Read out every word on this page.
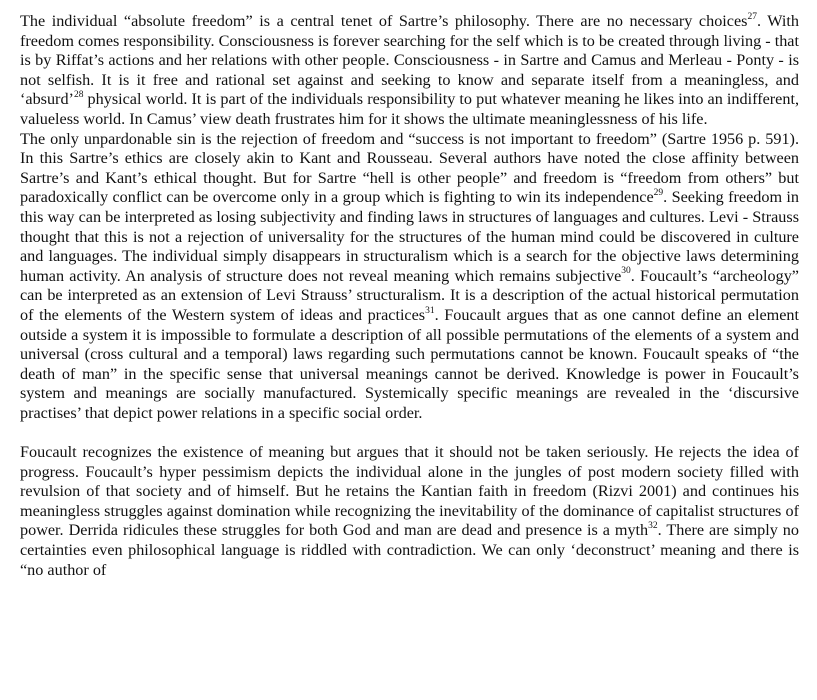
The individual “absolute freedom” is a central tenet of Sartre’s philosophy. There are no necessary choices$^{27}$. With freedom comes responsibility. Consciousness is forever searching for the self which is to be created through living - that is by Riffat’s actions and her relations with other people. Consciousness - in Sartre and Camus and Merleau - Ponty - is not selfish. It is it free and rational set against and seeking to know and separate itself from a meaningless, and ‘absurd’$^{28}$ physical world. It is part of the individuals responsibility to put whatever meaning he likes into an indifferent, valueless world. In Camus’ view death frustrates him for it shows the ultimate meaninglessness of his life.

The only unpardonable sin is the rejection of freedom and “success is not important to freedom” (Sartre 1956 p. 591). In this Sartre’s ethics are closely akin to Kant and Rousseau. Several authors have noted the close affinity between Sartre’s and Kant’s ethical thought. But for Sartre “hell is other people” and freedom is “freedom from others” but paradoxically conflict can be overcome only in a group which is fighting to win its independence$^{29}$. Seeking freedom in this way can be interpreted as losing subjectivity and finding laws in structures of languages and cultures. Levi - Strauss thought that this is not a rejection of universality for the structures of the human mind could be discovered in culture and languages. The individual simply disappears in structuralism which is a search for the objective laws determining human activity. An analysis of structure does not reveal meaning which remains subjective$^{30}$. Foucault’s “archeology” can be interpreted as an extension of Levi Strauss’ structuralism. It is a description of the actual historical permutation of the elements of the Western system of ideas and practices$^{31}$. Foucault argues that as one cannot define an element outside a system it is impossible to formulate a description of all possible permutations of the elements of a system and universal (cross cultural and a temporal) laws regarding such permutations cannot be known. Foucault speaks of “the death of man” in the specific sense that universal meanings cannot be derived. Knowledge is power in Foucault’s system and meanings are socially manufactured. Systemically specific meanings are revealed in the ‘discursive practises’ that depict power relations in a specific social order.

Foucault recognizes the existence of meaning but argues that it should not be taken seriously. He rejects the idea of progress. Foucault’s hyper pessimism depicts the individual alone in the jungles of post modern society filled with revulsion of that society and of himself. But he retains the Kantian faith in freedom (Rizvi 2001) and continues his meaningless struggles against domination while recognizing the inevitability of the dominance of capitalist structures of power. Derrida ridicules these struggles for both God and man are dead and presence is a myth$^{32}$. There are simply no certainties even philosophical language is riddled with contradiction. We can only ‘deconstruct’ meaning and there is “no author of
